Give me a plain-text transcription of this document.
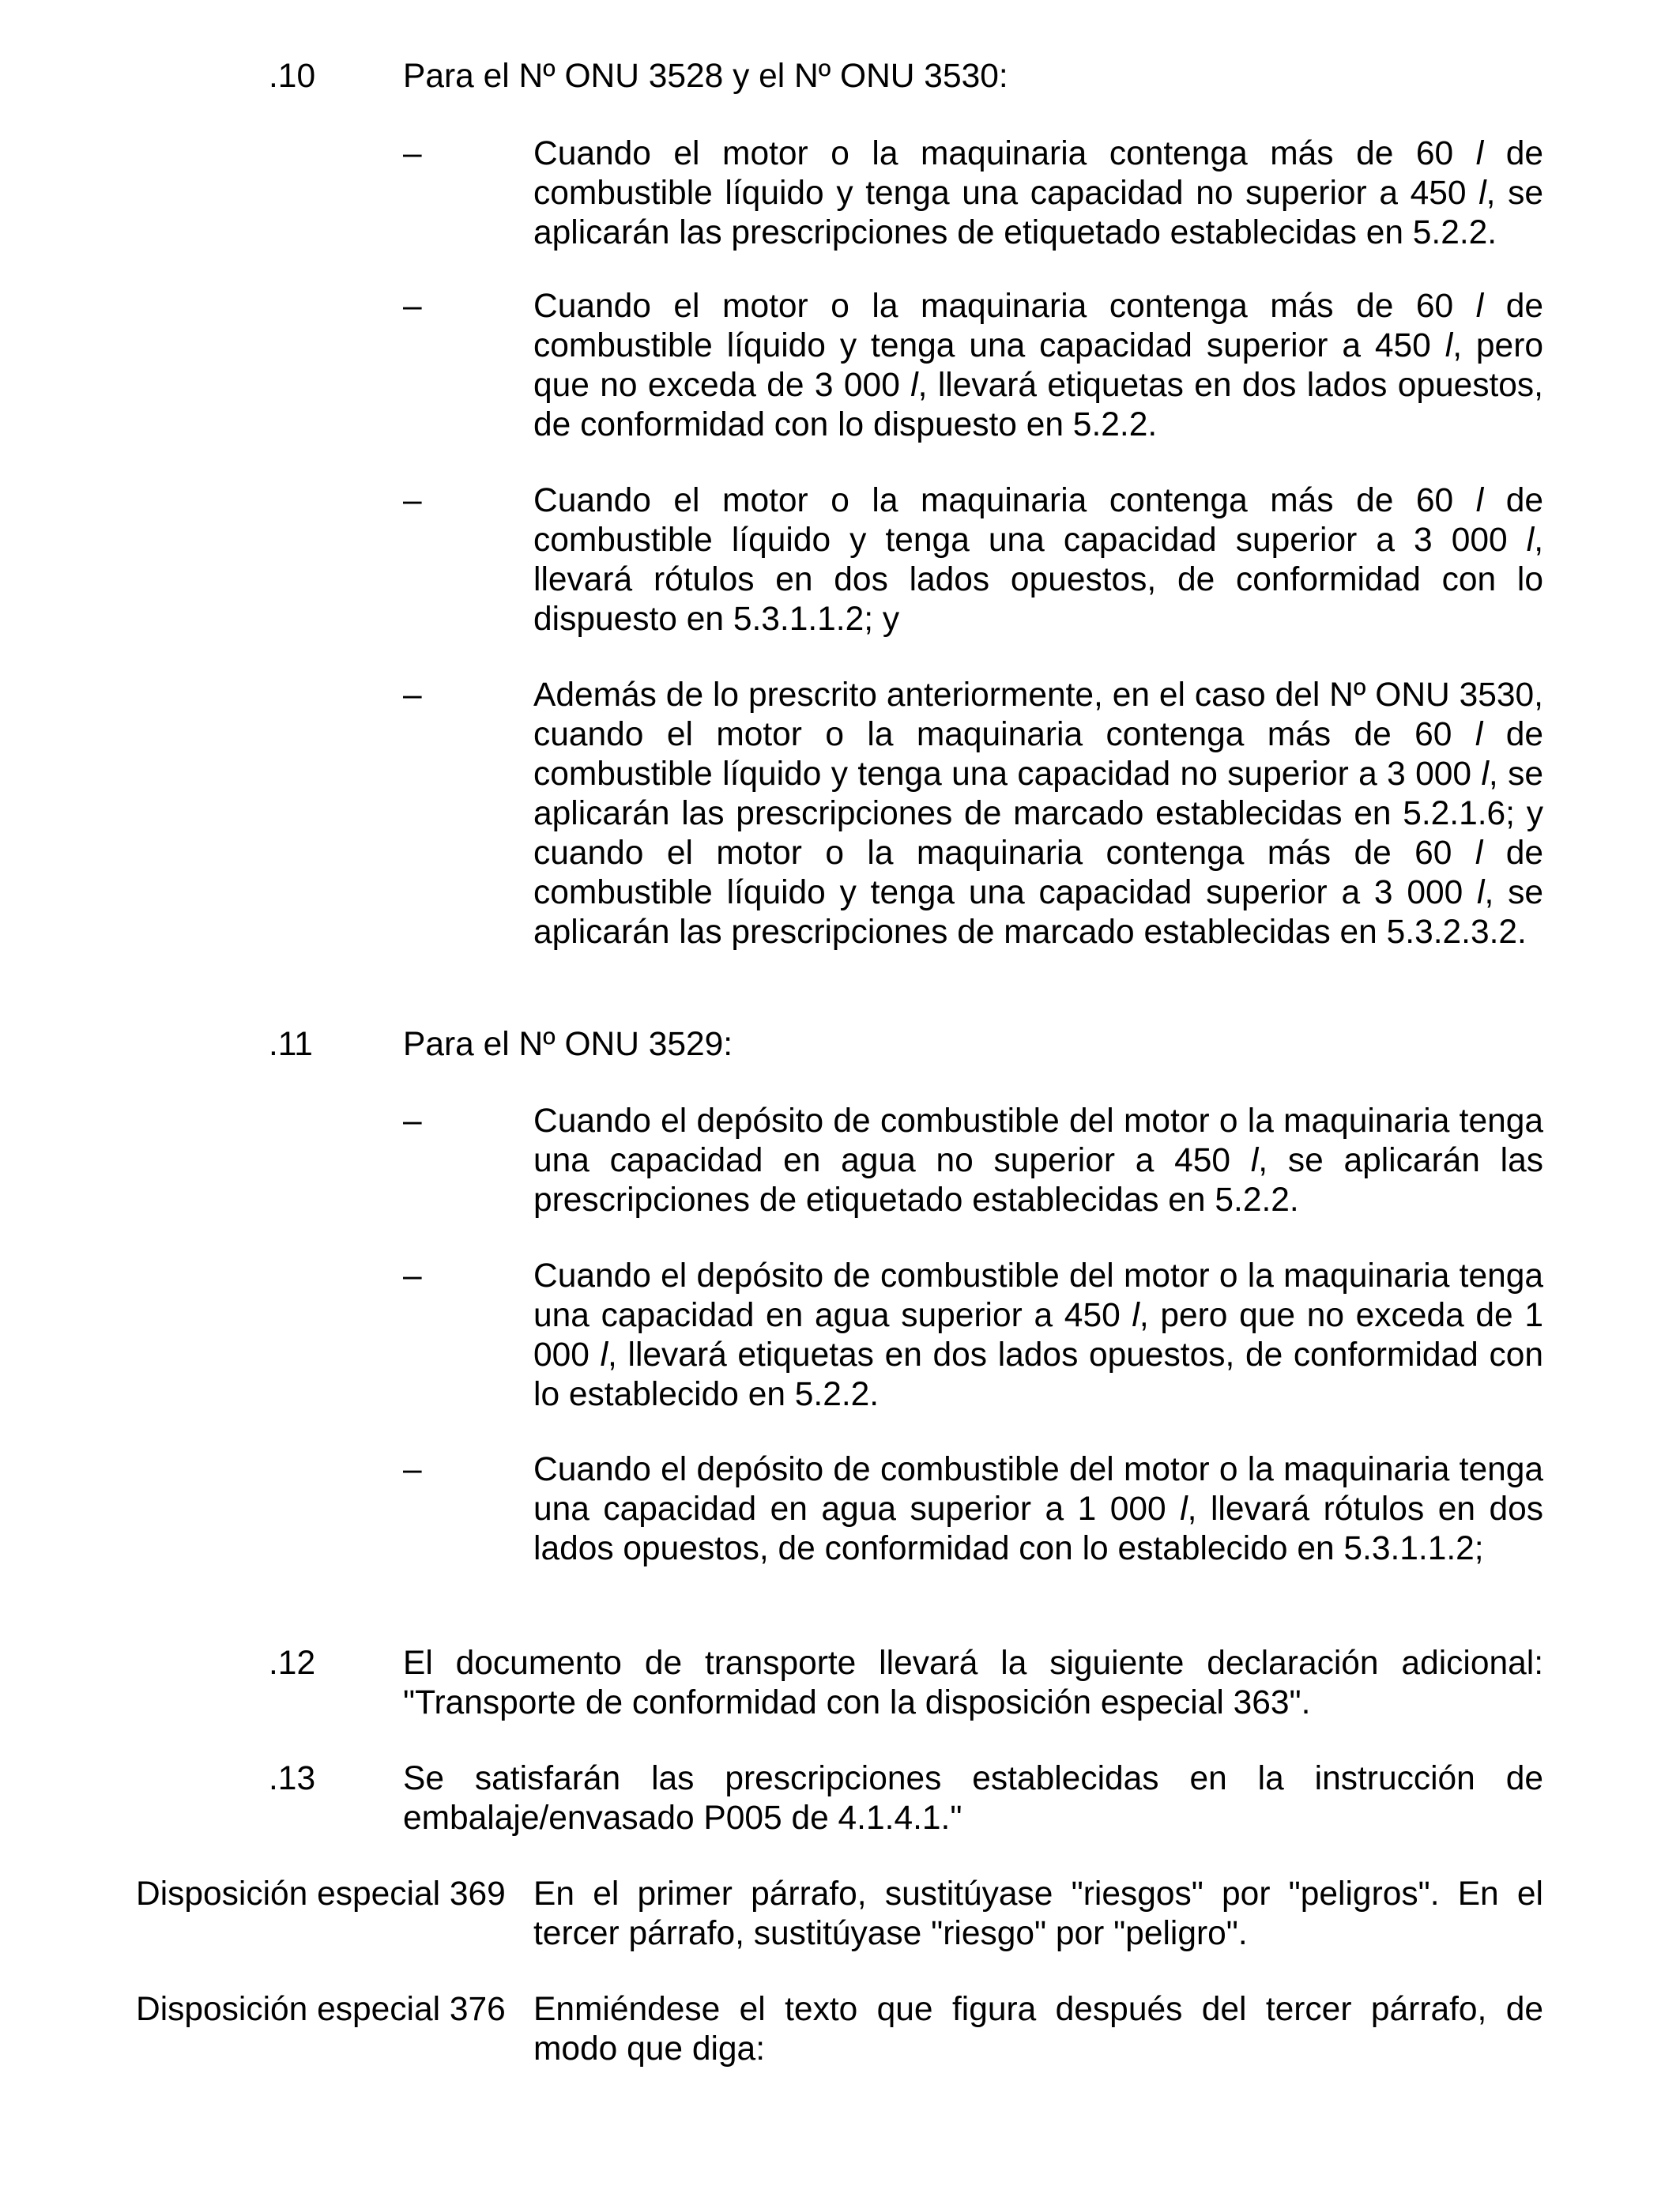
.10	Para el Nº ONU 3528 y el Nº ONU 3530:
–	Cuando el motor o la maquinaria contenga más de 60 l de combustible líquido y tenga una capacidad no superior a 450 l, se aplicarán las prescripciones de etiquetado establecidas en 5.2.2.
–	Cuando el motor o la maquinaria contenga más de 60 l de combustible líquido y tenga una capacidad superior a 450 l, pero que no exceda de 3 000 l, llevará etiquetas en dos lados opuestos, de conformidad con lo dispuesto en 5.2.2.
–	Cuando el motor o la maquinaria contenga más de 60 l de combustible líquido y tenga una capacidad superior a 3 000 l, llevará rótulos en dos lados opuestos, de conformidad con lo dispuesto en 5.3.1.1.2; y
–	Además de lo prescrito anteriormente, en el caso del Nº ONU 3530, cuando el motor o la maquinaria contenga más de 60 l de combustible líquido y tenga una capacidad no superior a 3 000 l, se aplicarán las prescripciones de marcado establecidas en 5.2.1.6; y cuando el motor o la maquinaria contenga más de 60 l de combustible líquido y tenga una capacidad superior a 3 000 l, se aplicarán las prescripciones de marcado establecidas en 5.3.2.3.2.
.11	Para el Nº ONU 3529:
–	Cuando el depósito de combustible del motor o la maquinaria tenga una capacidad en agua no superior a 450 l, se aplicarán las prescripciones de etiquetado establecidas en 5.2.2.
–	Cuando el depósito de combustible del motor o la maquinaria tenga una capacidad en agua superior a 450 l, pero que no exceda de 1 000 l, llevará etiquetas en dos lados opuestos, de conformidad con lo establecido en 5.2.2.
–	Cuando el depósito de combustible del motor o la maquinaria tenga una capacidad en agua superior a 1 000 l, llevará rótulos en dos lados opuestos, de conformidad con lo establecido en 5.3.1.1.2;
.12	El documento de transporte llevará la siguiente declaración adicional: "Transporte de conformidad con la disposición especial 363".
.13	Se satisfarán las prescripciones establecidas en la instrucción de embalaje/envasado P005 de 4.1.4.1."
Disposición especial 369 En el primer párrafo, sustitúyase "riesgos" por "peligros". En el tercer párrafo, sustitúyase "riesgo" por "peligro".
Disposición especial 376 Enmiéndese el texto que figura después del tercer párrafo, de modo que diga:
